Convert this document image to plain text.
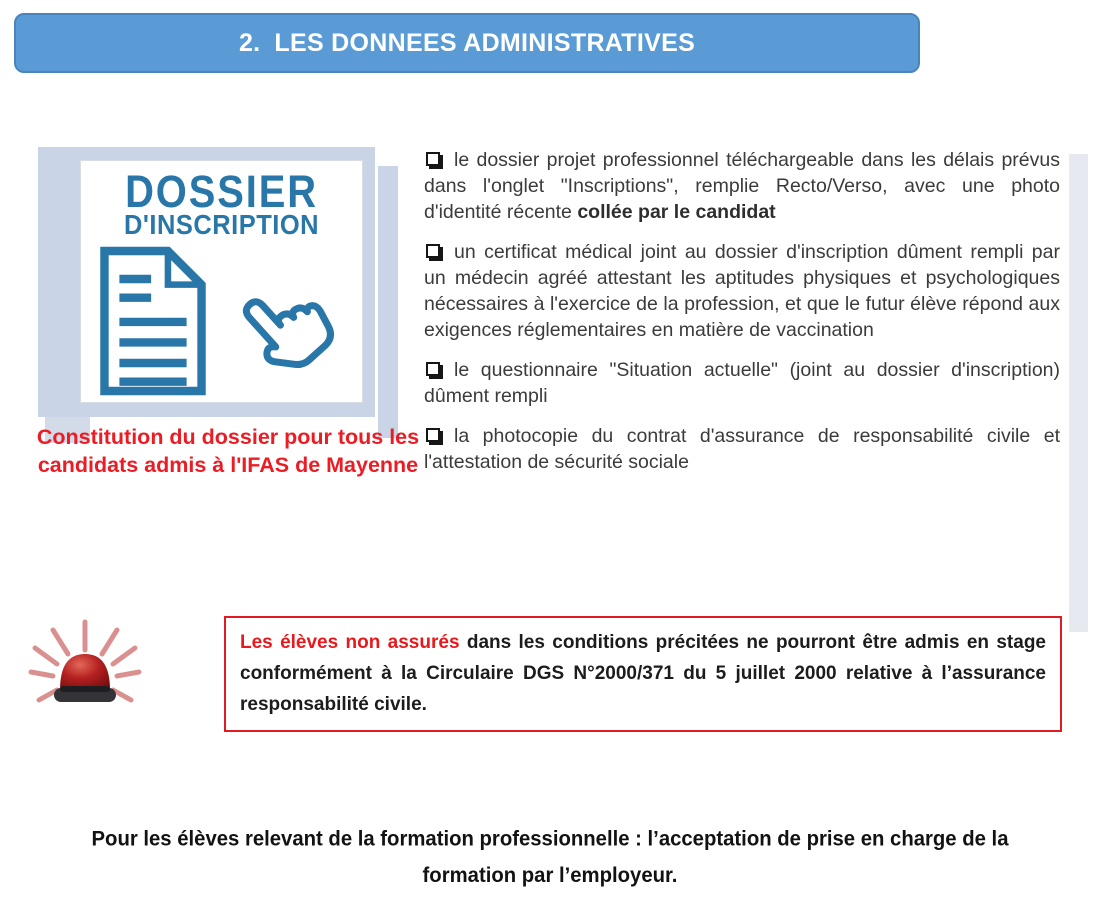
2. LES DONNEES ADMINISTRATIVES
DOSSIER
D'INSCRIPTION
Constitution du dossier pour tous les candidats admis à l'IFAS de Mayenne

le dossier projet professionnel téléchargeable dans les délais prévus dans l'onglet "Inscriptions", remplie Recto/Verso, avec une photo d'identité récente collée par le candidat

un certificat médical joint au dossier d'inscription dûment rempli par un médecin agréé attestant les aptitudes physiques et psychologiques nécessaires à l'exercice de la profession, et que le futur élève répond aux exigences réglementaires en matière de vaccination

le questionnaire "Situation actuelle" (joint au dossier d'inscription) dûment rempli

la photocopie du contrat d'assurance de responsabilité civile et l'attestation de sécurité sociale

Les élèves non assurés dans les conditions précitées ne pourront être admis en stage conformément à la Circulaire DGS N°2000/371 du 5 juillet 2000 relative à l’assurance responsabilité civile.
Pour les élèves relevant de la formation professionnelle : l’acceptation de prise en charge de la formation par l’employeur.
